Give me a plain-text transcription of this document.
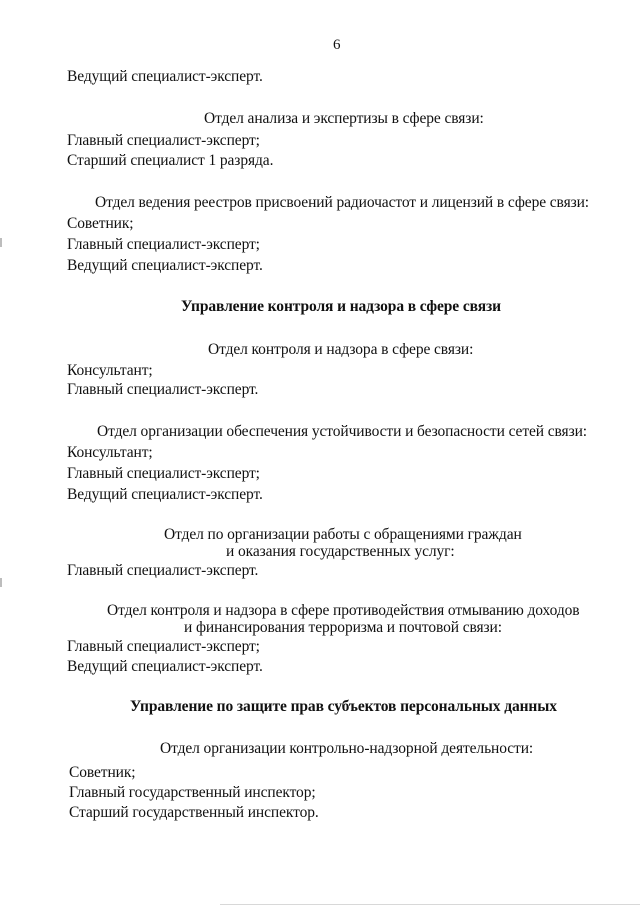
6
Ведущий специалист-эксперт.
Отдел анализа и экспертизы в сфере связи:
Главный специалист-эксперт;
Старший специалист 1 разряда.
Отдел ведения реестров присвоений радиочастот и лицензий в сфере связи:
Советник;
Главный специалист-эксперт;
Ведущий специалист-эксперт.
Управление контроля и надзора в сфере связи
Отдел контроля и надзора в сфере связи:
Консультант;
Главный специалист-эксперт.
Отдел организации обеспечения устойчивости и безопасности сетей связи:
Консультант;
Главный специалист-эксперт;
Ведущий специалист-эксперт.
Отдел по организации работы с обращениями граждан
и оказания государственных услуг:
Главный специалист-эксперт.
Отдел контроля и надзора в сфере противодействия отмыванию доходов
и финансирования терроризма и почтовой связи:
Главный специалист-эксперт;
Ведущий специалист-эксперт.
Управление по защите прав субъектов персональных данных
Отдел организации контрольно-надзорной деятельности:
Советник;
Главный государственный инспектор;
Старший государственный инспектор.
